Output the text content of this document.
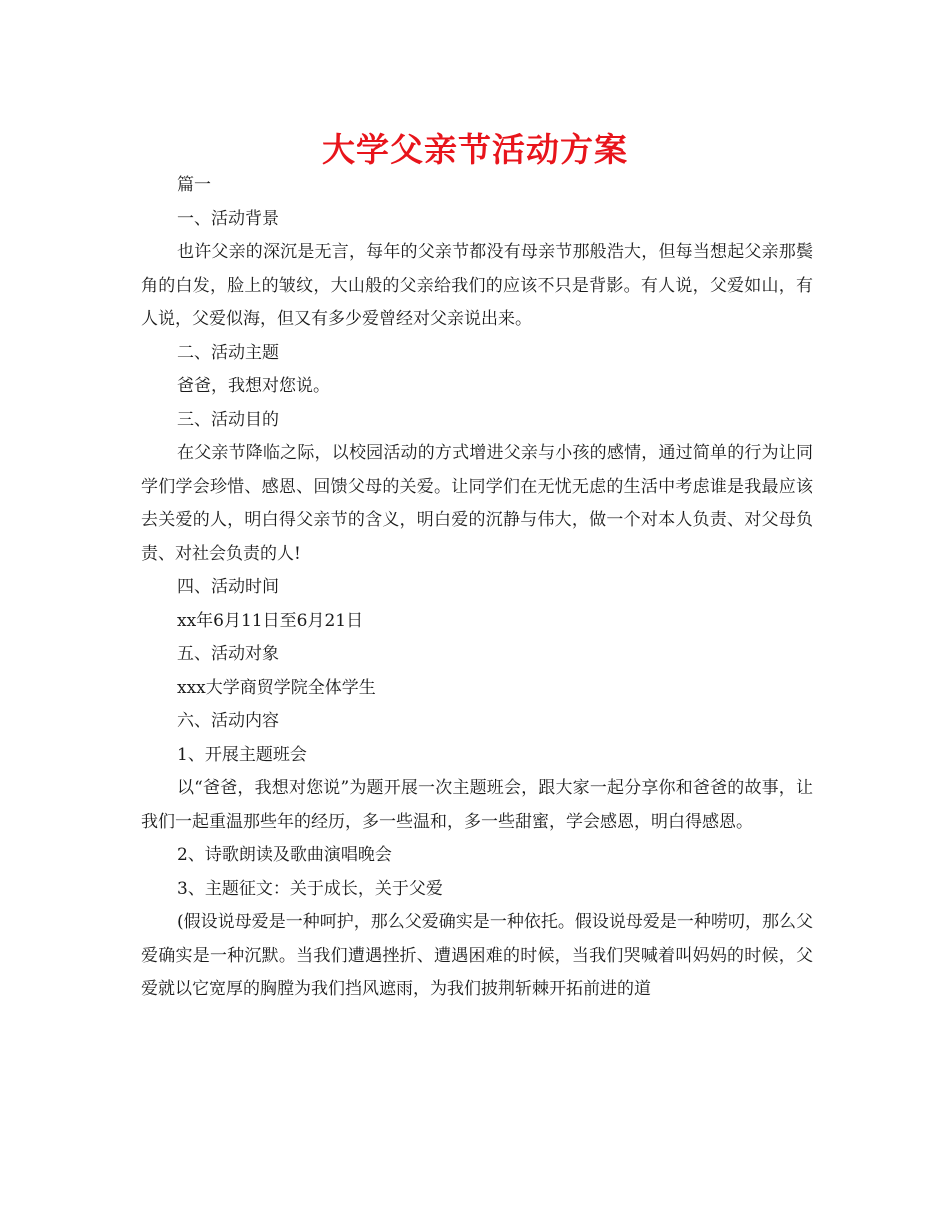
大学父亲节活动方案

篇一

一、活动背景

也许父亲的深沉是无言，每年的父亲节都没有母亲节那般浩大，但每当想起父亲那鬓角的白发，脸上的皱纹，大山般的父亲给我们的应该不只是背影。有人说，父爱如山，有人说，父爱似海，但又有多少爱曾经对父亲说出来。

二、活动主题

爸爸，我想对您说。

三、活动目的

在父亲节降临之际，以校园活动的方式增进父亲与小孩的感情，通过简单的行为让同学们学会珍惜、感恩、回馈父母的关爱。让同学们在无忧无虑的生活中考虑谁是我最应该去关爱的人，明白得父亲节的含义，明白爱的沉静与伟大，做一个对本人负责、对父母负责、对社会负责的人!

四、活动时间

xx年6月11日至6月21日

五、活动对象

xxx大学商贸学院全体学生

六、活动内容

1、开展主题班会

以“爸爸，我想对您说”为题开展一次主题班会，跟大家一起分享你和爸爸的故事，让我们一起重温那些年的经历，多一些温和，多一些甜蜜，学会感恩，明白得感恩。

2、诗歌朗读及歌曲演唱晚会

3、主题征文：关于成长，关于父爱

(假设说母爱是一种呵护，那么父爱确实是一种依托。假设说母爱是一种唠叨，那么父爱确实是一种沉默。当我们遭遇挫折、遭遇困难的时候，当我们哭喊着叫妈妈的时候，父爱就以它宽厚的胸膛为我们挡风遮雨，为我们披荆斩棘开拓前进的道
